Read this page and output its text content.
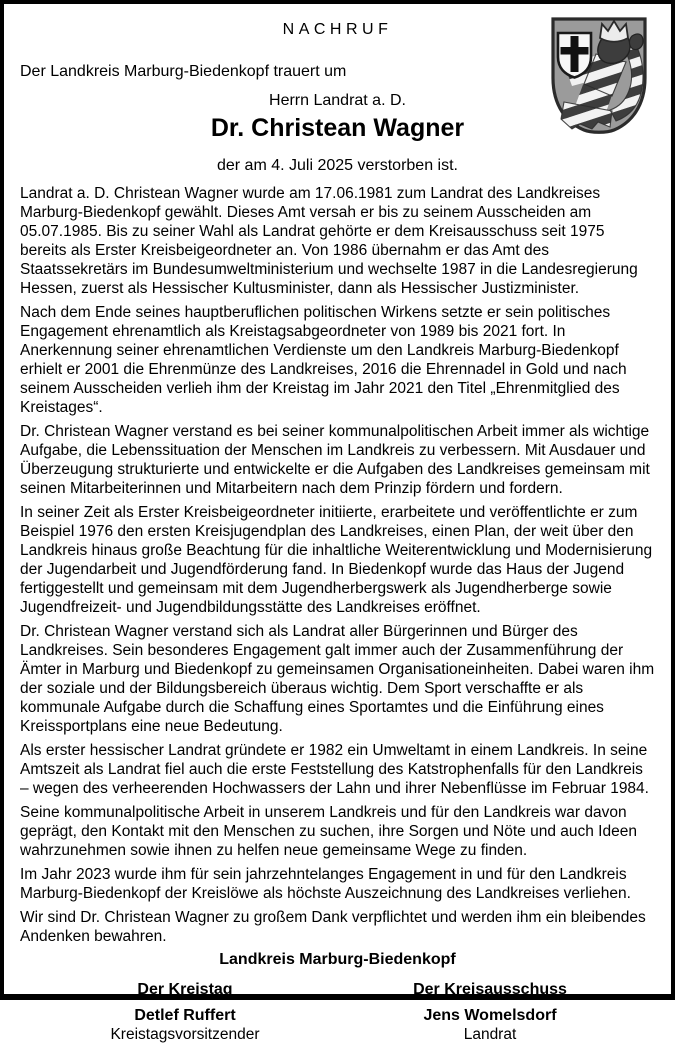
NACHRUF
Der Landkreis Marburg-Biedenkopf trauert um
Herrn Landrat a. D.
Dr. Christean Wagner
der am 4. Juli 2025 verstorben ist.

Landrat a. D. Christean Wagner wurde am 17.06.1981 zum Landrat des Landkreises Marburg-Biedenkopf gewählt. Dieses Amt versah er bis zu seinem Ausscheiden am 05.07.1985. Bis zu seiner Wahl als Landrat gehörte er dem Kreisausschuss seit 1975 bereits als Erster Kreisbeigeordneter an. Von 1986 übernahm er das Amt des Staatssekretärs im Bundesumweltministerium und wechselte 1987 in die Landesregierung Hessen, zuerst als Hessischer Kultusminister, dann als Hessischer Justizminister.

Nach dem Ende seines hauptberuflichen politischen Wirkens setzte er sein politisches Engagement ehrenamtlich als Kreistagsabgeordneter von 1989 bis 2021 fort. In Anerkennung seiner ehrenamtlichen Verdienste um den Landkreis Marburg-Biedenkopf erhielt er 2001 die Ehrenmünze des Landkreises, 2016 die Ehrennadel in Gold und nach seinem Ausscheiden verlieh ihm der Kreistag im Jahr 2021 den Titel „Ehrenmitglied des Kreistages“.

Dr. Christean Wagner verstand es bei seiner kommunalpolitischen Arbeit immer als wichtige Aufgabe, die Lebenssituation der Menschen im Landkreis zu verbessern. Mit Ausdauer und Überzeugung strukturierte und entwickelte er die Aufgaben des Landkreises gemeinsam mit seinen Mitarbeiterinnen und Mitarbeitern nach dem Prinzip fördern und fordern.

In seiner Zeit als Erster Kreisbeigeordneter initiierte, erarbeitete und veröffentlichte er zum Beispiel 1976 den ersten Kreisjugendplan des Landkreises, einen Plan, der weit über den Landkreis hinaus große Beachtung für die inhaltliche Weiterentwicklung und Modernisierung der Jugendarbeit und Jugendförderung fand. In Biedenkopf wurde das Haus der Jugend fertiggestellt und gemeinsam mit dem Jugendherbergswerk als Jugendherberge sowie Jugendfreizeit- und Jugendbildungsstätte des Landkreises eröffnet.

Dr. Christean Wagner verstand sich als Landrat aller Bürgerinnen und Bürger des Landkreises. Sein besonderes Engagement galt immer auch der Zusammenführung der Ämter in Marburg und Biedenkopf zu gemeinsamen Organisationeinheiten. Dabei waren ihm der soziale und der Bildungsbereich überaus wichtig. Dem Sport verschaffte er als kommunale Aufgabe durch die Schaffung eines Sportamtes und die Einführung eines Kreissportplans eine neue Bedeutung.

Als erster hessischer Landrat gründete er 1982 ein Umweltamt in einem Landkreis. In seine Amtszeit als Landrat fiel auch die erste Feststellung des Katstrophenfalls für den Landkreis – wegen des verheerenden Hochwassers der Lahn und ihrer Nebenflüsse im Februar 1984.

Seine kommunalpolitische Arbeit in unserem Landkreis und für den Landkreis war davon geprägt, den Kontakt mit den Menschen zu suchen, ihre Sorgen und Nöte und auch Ideen wahrzunehmen sowie ihnen zu helfen neue gemeinsame Wege zu finden.

Im Jahr 2023 wurde ihm für sein jahrzehntelanges Engagement in und für den Landkreis Marburg-Biedenkopf der Kreislöwe als höchste Auszeichnung des Landkreises verliehen.

Wir sind Dr. Christean Wagner zu großem Dank verpflichtet und werden ihm ein bleibendes Andenken bewahren.

Landkreis Marburg-Biedenkopf
Der Kreistag
Detlef Ruffert
Kreistagsvorsitzender
Der Kreisausschuss
Jens Womelsdorf
Landrat
